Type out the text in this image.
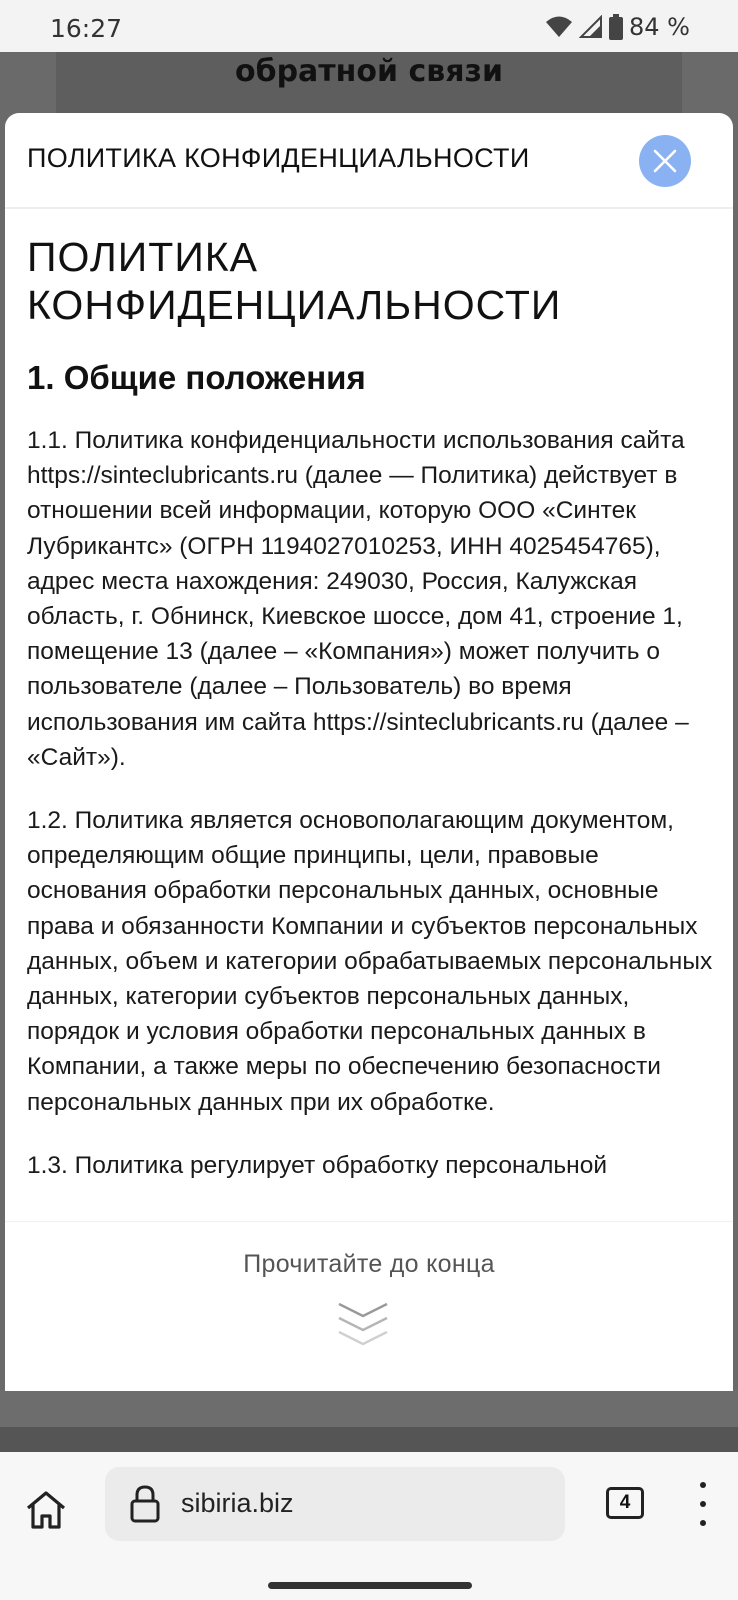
16:27	84 %
обратной связи
ПОЛИТИКА КОНФИДЕНЦИАЛЬНОСТИ
ПОЛИТИКА
КОНФИДЕНЦИАЛЬНОСТИ
1. Общие положения

1.1. Политика конфиденциальности использования сайта https://sinteclubricants.ru (далее — Политика) действует в отношении всей информации, которую ООО «Синтек Лубрикантс» (ОГРН 1194027010253, ИНН 4025454765), адрес места нахождения: 249030, Россия, Калужская область, г. Обнинск, Киевское шоссе, дом 41, строение 1, помещение 13 (далее – «Компания») может получить о пользователе (далее – Пользователь) во время использования им сайта https://sinteclubricants.ru (далее – «Сайт»).

1.2. Политика является основополагающим документом, определяющим общие принципы, цели, правовые основания обработки персональных данных, основные права и обязанности Компании и субъектов персональных данных, объем и категории обрабатываемых персональных данных, категории субъектов персональных данных, порядок и условия обработки персональных данных в Компании, а также меры по обеспечению безопасности персональных данных при их обработке.

1.3. Политика регулирует обработку персональной

Прочитайте до конца
sibiria.biz	4
